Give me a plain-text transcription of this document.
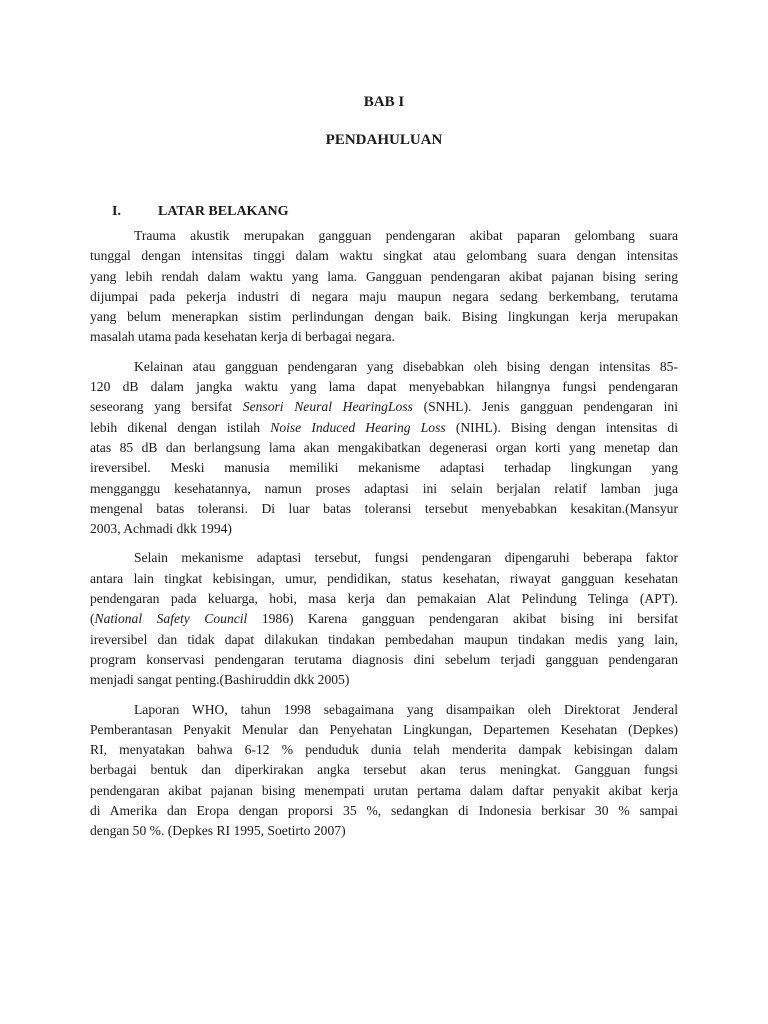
BAB I
PENDAHULUAN
I.	LATAR BELAKANG

Trauma akustik merupakan gangguan pendengaran akibat paparan gelombang suara
tunggal dengan intensitas tinggi dalam waktu singkat atau gelombang suara dengan intensitas
yang lebih rendah dalam waktu yang lama. Gangguan pendengaran akibat pajanan bising sering
dijumpai pada pekerja industri di negara maju maupun negara sedang berkembang, terutama
yang belum menerapkan sistim perlindungan dengan baik. Bising lingkungan kerja merupakan
masalah utama pada kesehatan kerja di berbagai negara.

Kelainan atau gangguan pendengaran yang disebabkan oleh bising dengan intensitas 85-
120 dB dalam jangka waktu yang lama dapat menyebabkan hilangnya fungsi pendengaran
seseorang yang bersifat Sensori Neural HearingLoss (SNHL). Jenis gangguan pendengaran ini
lebih dikenal dengan istilah Noise Induced Hearing Loss (NIHL). Bising dengan intensitas di
atas 85 dB dan berlangsung lama akan mengakibatkan degenerasi organ korti yang menetap dan
ireversibel. Meski manusia memiliki mekanisme adaptasi terhadap lingkungan yang
mengganggu kesehatannya, namun proses adaptasi ini selain berjalan relatif lamban juga
mengenal batas toleransi. Di luar batas toleransi tersebut menyebabkan kesakitan.(Mansyur
2003, Achmadi dkk 1994)

Selain mekanisme adaptasi tersebut, fungsi pendengaran dipengaruhi beberapa faktor
antara lain tingkat kebisingan, umur, pendidikan, status kesehatan, riwayat gangguan kesehatan
pendengaran pada keluarga, hobi, masa kerja dan pemakaian Alat Pelindung Telinga (APT).
(National Safety Council 1986) Karena gangguan pendengaran akibat bising ini bersifat
ireversibel dan tidak dapat dilakukan tindakan pembedahan maupun tindakan medis yang lain,
program konservasi pendengaran terutama diagnosis dini sebelum terjadi gangguan pendengaran
menjadi sangat penting.(Bashiruddin dkk 2005)

Laporan WHO, tahun 1998 sebagaimana yang disampaikan oleh Direktorat Jenderal
Pemberantasan Penyakit Menular dan Penyehatan Lingkungan, Departemen Kesehatan (Depkes)
RI, menyatakan bahwa 6-12 % penduduk dunia telah menderita dampak kebisingan dalam
berbagai bentuk dan diperkirakan angka tersebut akan terus meningkat. Gangguan fungsi
pendengaran akibat pajanan bising menempati urutan pertama dalam daftar penyakit akibat kerja
di Amerika dan Eropa dengan proporsi 35 %, sedangkan di Indonesia berkisar 30 % sampai
dengan 50 %. (Depkes RI 1995, Soetirto 2007)
